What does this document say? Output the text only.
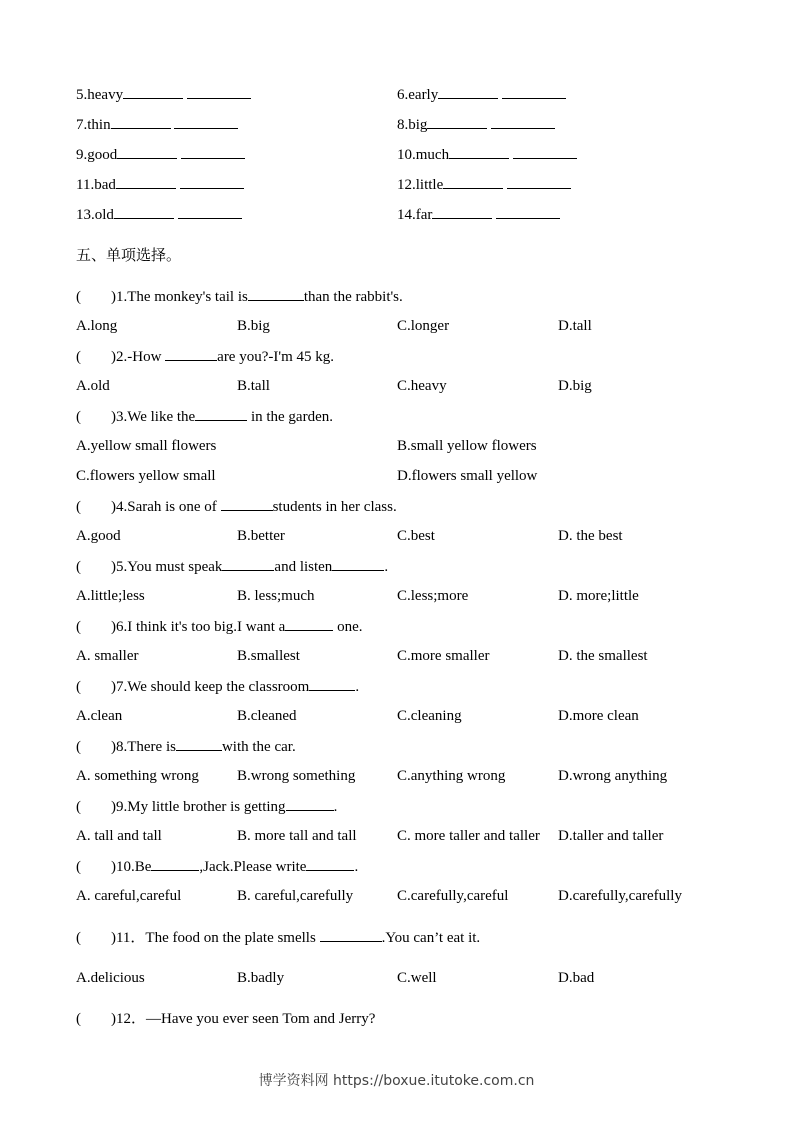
5.heavy	6.early
7.thin	8.big
9.good	10.much
11.bad	12.little
13.old	14.far
五、单项选择。
(        )1.The monkey's tail is	than the rabbit's.
A.long	B.big	C.longer	D.tall
(        )2.-How	are you?-I'm 45 kg.
A.old	B.tall	C.heavy	D.big
(        )3.We like the	in the garden.
A.yellow small flowers	B.small yellow flowers
C.flowers yellow small	D.flowers small yellow
(        )4.Sarah is one of	students in her class.
A.good	B.better	C.best	D. the best
(        )5.You must speak	and listen	.
A.little;less	B. less;much	C.less;more	D. more;little
(        )6.I think it's too big.I want a	one.
A. smaller	B.smallest	C.more smaller	D. the smallest
(        )7.We should keep the classroom	.
A.clean	B.cleaned	C.cleaning	D.more clean
(        )8.There is	with the car.
A. something wrong	B.wrong something	C.anything wrong	D.wrong anything
(        )9.My little brother is getting	.
A. tall and tall	B. more tall and tall	C. more taller and taller D.taller and taller
(        )10.Be	,Jack.Please write	.
A. careful,careful	B. careful,carefully	C.carefully,careful	D.carefully,carefully
(        )11．The food on the plate smells	.You can’t eat it.
A.delicious	B.badly	C.well	D.bad
(        )12．—Have you ever seen Tom and Jerry?
博学资料网 https://boxue.itutoke.com.cn
